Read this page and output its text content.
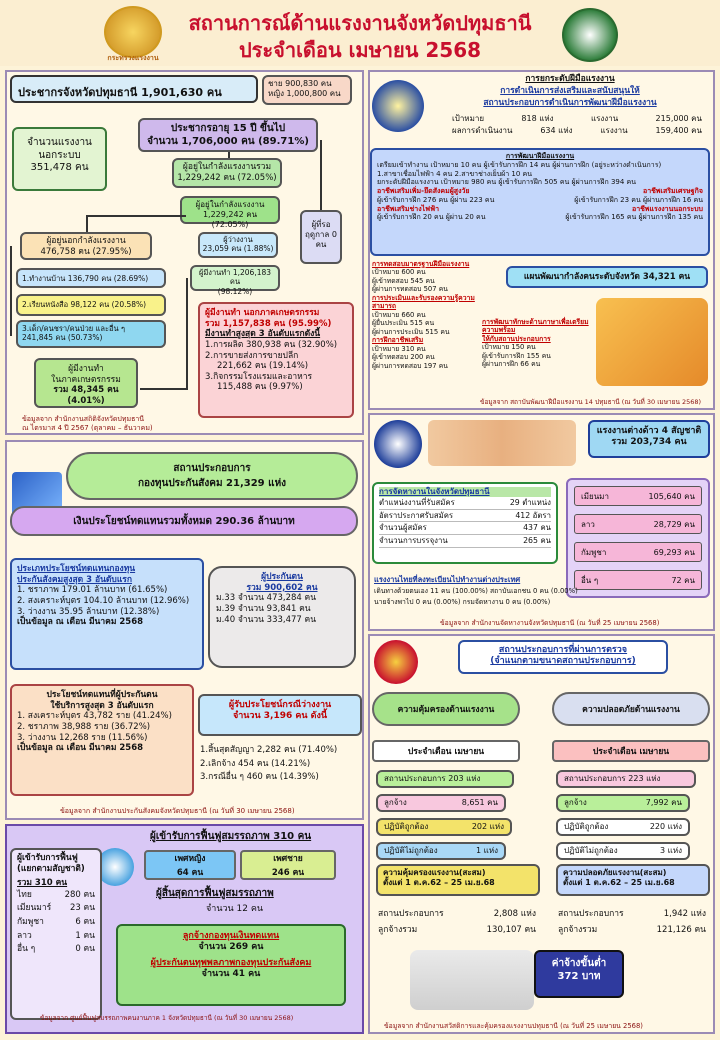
กระทรวงแรงงาน
สถานการณ์ด้านแรงงานจังหวัดปทุมธานี
ประจำเดือน เมษายน 2568
ประชากรจังหวัดปทุมธานี 1,901,630 คน
ชาย 900,830 คน
หญิง 1,000,800 คน
ประชากรอายุ 15 ปี ขึ้นไป
จำนวน 1,706,000 คน (89.71%)
จำนวนแรงงาน
นอกระบบ
351,478 คน	ผู้อยู่ในกำลังแรงงานรวม
1,229,242 คน (72.05%)
ผู้อยู่ในกำลังแรงงาน
1,229,242 คน (72.05%)	ผู้ที่รอฤดูกาล 0 คน
ผู้อยู่นอกกำลังแรงงาน
476,758 คน (27.95%)
ผู้ว่างงาน
23,059 คน (1.88%)
ผู้มีงานทำ 1,206,183 คน
(98.12%)
1.ทำงานบ้าน 136,790 คน (28.69%)
2.เรียนหนังสือ 98,122 คน (20.58%)
3.เด็ก/คนชรา/คนป่วย และอื่น ๆ
241,845 คน (50.73%)
ผู้มีงานทำ
ในภาคเกษตรกรรม
รวม 48,345 คน (4.01%)
ผู้มีงานทำ นอกภาคเกษตรกรรม
รวม 1,157,838 คน (95.99%)
มีงานทำสูงสุด 3 อันดับแรกดังนี้
1.การผลิต 380,938 คน (32.90%)
2.การขายส่งการขายปลีก
221,662 คน (19.14%)
3.กิจกรรมโรงแรมและอาหาร
115,488 คน (9.97%)
ข้อมูลจาก สำนักงานสถิติจังหวัดปทุมธานี
ณ ไตรมาส 4 ปี 2567 (ตุลาคม – ธันวาคม)
การยกระดับฝีมือแรงงาน
การดำเนินการส่งเสริมและสนับสนุนให้
สถานประกอบการดำเนินการพัฒนาฝีมือแรงงาน
เป้าหมาย	818 แห่ง	แรงงาน	215,000 คน
ผลการดำเนินงาน	634 แห่ง	แรงงาน	159,400 คน
การพัฒนาฝีมือแรงงาน
เตรียมเข้าทำงาน เป้าหมาย 10 คน ผู้เข้ารับการฝึก 14 คน ผู้ผ่านการฝึก (อยู่ระหว่างดำเนินการ)
1.สาขาเชื่อมไฟฟ้า 4 คน 2.สาขาช่างเย็บผ้า 10 คน
ยกระดับฝีมือแรงงาน เป้าหมาย 980 คน ผู้เข้ารับการฝึก 505 คน ผู้ผ่านการฝึก 394 คน
อาชีพเสริมเพิ่ม-ยึดสังคมผู้สูงวัย	อาชีพเสริมเศรษฐกิจ
ผู้เข้ารับการฝึก 276 คน ผู้ผ่าน 223 คน	ผู้เข้ารับการฝึก 23 คน ผู้ผ่านการฝึก 16 คน
อาชีพเสริมช่างไฟฟ้า	อาชีพแรงงานนอกระบบ
ผู้เข้ารับการฝึก 20 คน ผู้ผ่าน 20 คน	ผู้เข้ารับการฝึก 165 คน ผู้ผ่านการฝึก 135 คน
การทดสอบมาตรฐานฝีมือแรงงาน
เป้าหมาย 600 คน
ผู้เข้าทดสอบ 545 คน
ผู้ผ่านการทดสอบ 507 คน
การประเมินและรับรองความรู้ความสามารถ
เป้าหมาย 660 คน
ผู้ยื่นประเมิน 515 คน
ผู้ผ่านการประเมิน 515 คน
การฝึกอาชีพเสริม
เป้าหมาย 310 คน
ผู้เข้าทดสอบ 200 คน
ผู้ผ่านการทดสอบ 197 คน
แผนพัฒนากำลังคนระดับจังหวัด 34,321 คน
การพัฒนาทักษะด้านภาษาเพื่อเตรียมความพร้อม
ให้กับสถานประกอบการ
เป้าหมาย 150 คน
ผู้เข้ารับการฝึก 155 คน
ผู้ผ่านการฝึก 66 คน
ข้อมูลจาก สถาบันพัฒนาฝีมือแรงงาน 14 ปทุมธานี (ณ วันที่ 30 เมษายน 2568)
แรงงานต่างด้าว 4 สัญชาติ
รวม 203,734 คน
เมียนมา	105,640 คน
ลาว	28,729 คน
กัมพูชา	69,293 คน
อื่น ๆ	72 คน
การจัดหางานในจังหวัดปทุมธานี
ตำแหน่งงานที่รับสมัคร	29 ตำแหน่ง
อัตราประกาศรับสมัคร	412 อัตรา
จำนวนผู้สมัคร	437 คน
จำนวนการบรรจุงาน	265 คน
แรงงานไทยที่ลงทะเบียนไปทำงานต่างประเทศ
เดินทางด้วยตนเอง 11 คน (100.00%) สถาบันเอกชน 0 คน (0.00%)
นายจ้างพาไป 0 คน (0.00%) กรมจัดหางาน 0 คน (0.00%)
ข้อมูลจาก สำนักงานจัดหางานจังหวัดปทุมธานี (ณ วันที่ 25 เมษายน 2568)
สถานประกอบการ
กองทุนประกันสังคม 21,329 แห่ง
เงินประโยชน์ทดแทนรวมทั้งหมด 290.36 ล้านบาท
ประเภทประโยชน์ทดแทนกองทุน
ประกันสังคมสูงสุด 3 อันดับแรก
1. ชราภาพ 179.01 ล้านบาท (61.65%)
2. สงเคราะห์บุตร 104.10 ล้านบาท (12.96%)
3. ว่างงาน 35.95 ล้านบาท (12.38%)
เป็นข้อมูล ณ เดือน มีนาคม 2568
ผู้ประกันตน
รวม 900,602 คน
ม.33 จำนวน 473,284 คน
ม.39 จำนวน 93,841 คน
ม.40 จำนวน 333,477 คน
ประโยชน์ทดแทนที่ผู้ประกันตน
ใช้บริการสูงสุด 3 อันดับแรก
1. สงเคราะห์บุตร 43,782 ราย (41.24%)
2. ชราภาพ 38,988 ราย (36.72%)
3. ว่างงาน 12,268 ราย (11.56%)
เป็นข้อมูล ณ เดือน มีนาคม 2568
ผู้รับประโยชน์กรณีว่างงาน
จำนวน 3,196 คน ดังนี้
1.สิ้นสุดสัญญา 2,282 คน (71.40%)
2.เลิกจ้าง 454 คน (14.21%)
3.กรณีอื่น ๆ 460 คน (14.39%)
ข้อมูลจาก สำนักงานประกันสังคมจังหวัดปทุมธานี (ณ วันที่ 30 เมษายน 2568)
ผู้เข้ารับการฟื้นฟูสมรรถภาพ 310 คน
เพศหญิง
64 คน
เพศชาย
246 คน
ผู้เข้ารับการฟื้นฟู
(แยกตามสัญชาติ)
รวม 310 คน
ไทย	280 คน
เมียนมาร์ 23 คน
กัมพูชา	6 คน
ลาว	1 คน
อื่น ๆ	0 คน
ผู้สิ้นสุดการฟื้นฟูสมรรถภาพ
จำนวน 12 คน
ลูกจ้างกองทุนเงินทดแทน
จำนวน 269 คน
ผู้ประกันตนทุพพลภาพกองทุนประกันสังคม
จำนวน 41 คน
ข้อมูลจาก ศูนย์ฟื้นฟูสมรรถภาพคนงานภาค 1 จังหวัดปทุมธานี (ณ วันที่ 30 เมษายน 2568)
สถานประกอบการที่ผ่านการตรวจ
(จำแนกตามขนาดสถานประกอบการ)
ความคุ้มครองด้านแรงงาน	ความปลอดภัยด้านแรงงาน
ประจำเดือน เมษายน	ประจำเดือน เมษายน
สถานประกอบการ 203 แห่ง
ลูกจ้าง	8,651 คน
ปฏิบัติถูกต้อง	202 แห่ง
ปฏิบัติไม่ถูกต้อง	1 แห่ง
สถานประกอบการ 223 แห่ง
ลูกจ้าง	7,992 คน
ปฏิบัติถูกต้อง	220 แห่ง
ปฏิบัติไม่ถูกต้อง	3 แห่ง
ความคุ้มครองแรงงาน(สะสม)
ตั้งแต่ 1 ต.ค.62 – 25 เม.ย.68
ความปลอดภัยแรงงาน(สะสม)
ตั้งแต่ 1 ต.ค.62 – 25 เม.ย.68
สถานประกอบการ	2,808 แห่ง
ลูกจ้างรวม	130,107 คน
สถานประกอบการ	1,942 แห่ง
ลูกจ้างรวม	121,126 คน
ค่าจ้างขั้นต่ำ
372 บาท
ข้อมูลจาก สำนักงานสวัสดิการและคุ้มครองแรงงานปทุมธานี (ณ วันที่ 25 เมษายน 2568)
